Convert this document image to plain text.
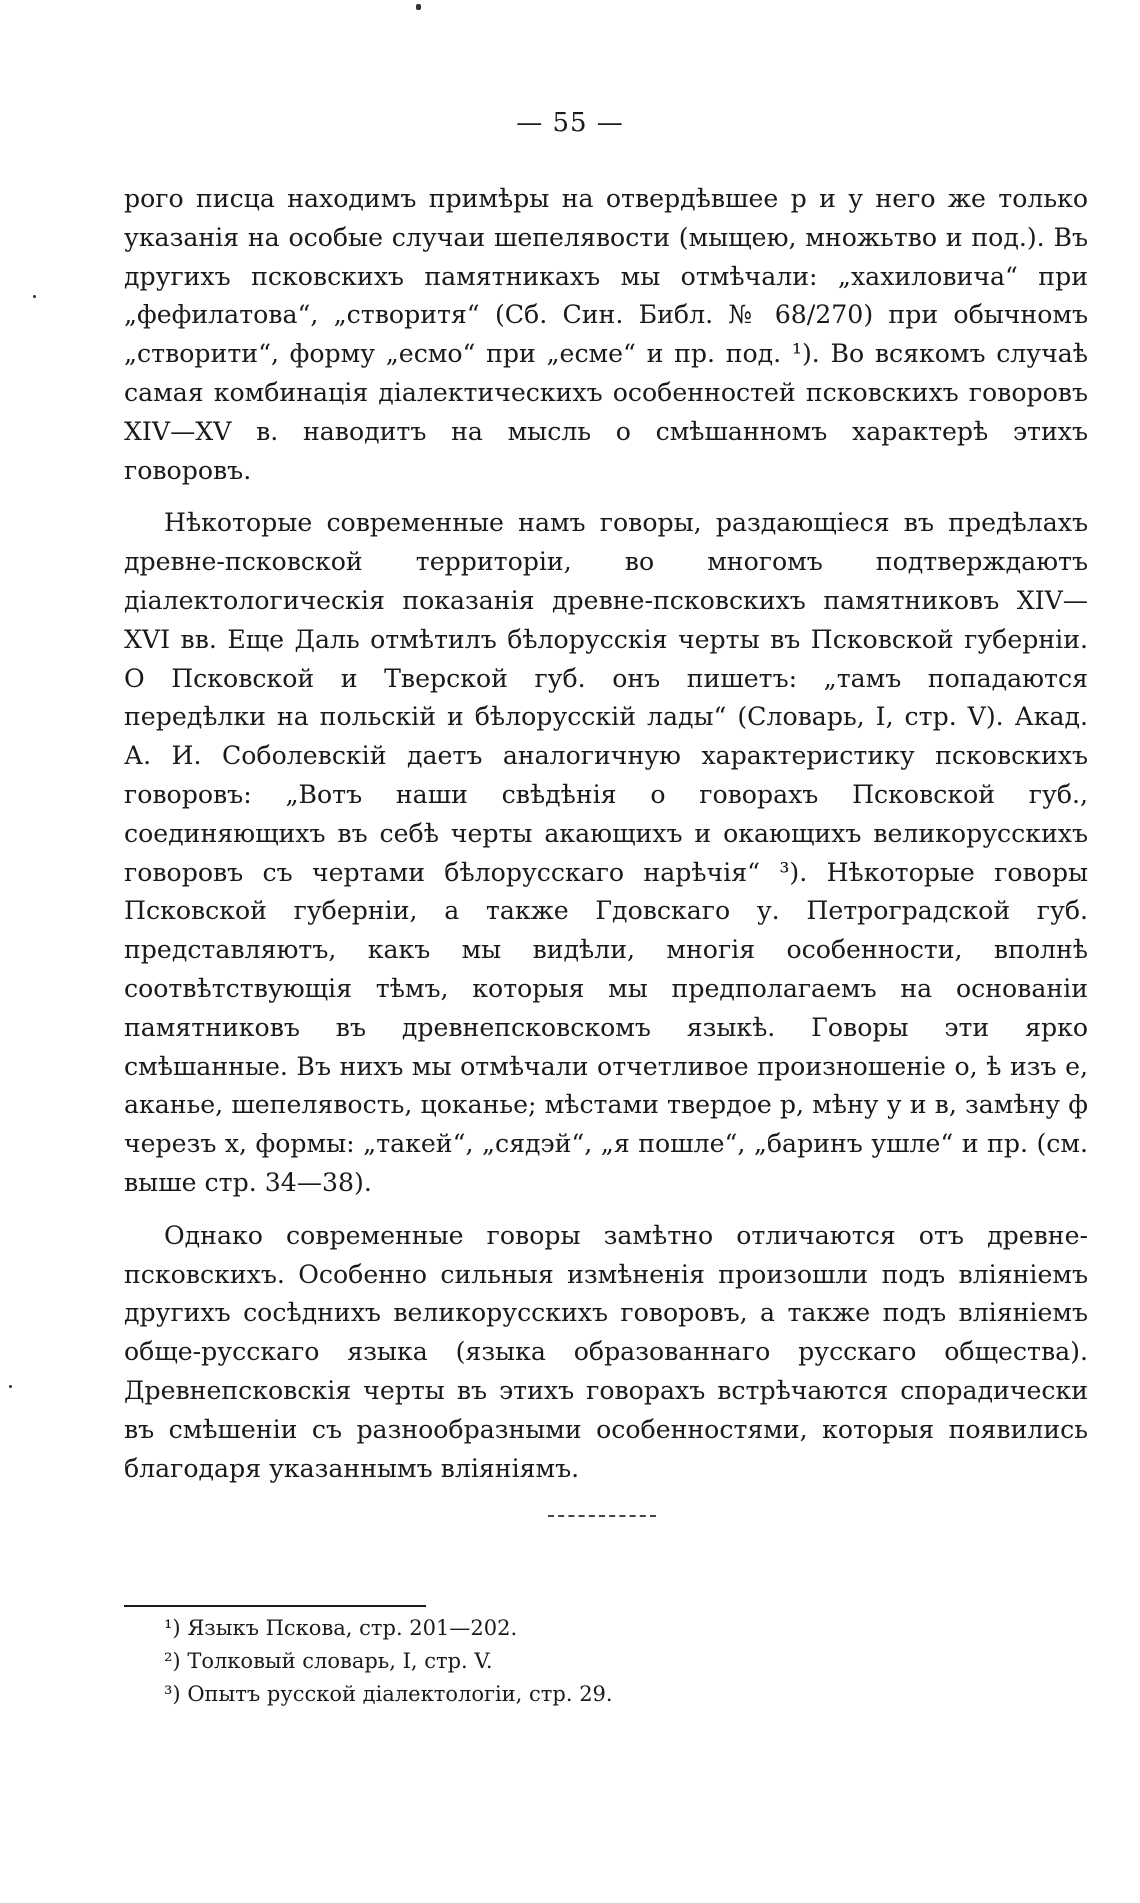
— 55 —

рого писца находимъ примѣры на отвердѣвшее р и у него же только указанія на особые случаи шепелявости (мыщею, множьтво и под.). Въ другихъ псковскихъ памятникахъ мы отмѣчали: „хахиловича“ при „фефилатова“, „створитя“ (Сб. Син. Библ. № 68/270) при обычномъ „створити“, форму „есмо“ при „есме“ и пр. под. ¹). Во всякомъ случаѣ самая комбинація діалектическихъ особенностей псковскихъ говоровъ XIV—XV в. наводитъ на мысль о смѣшанномъ характерѣ этихъ говоровъ.

Нѣкоторые современные намъ говоры, раздающіеся въ предѣлахъ древне-псковской территоріи, во многомъ подтверждаютъ діалектологическія показанія древне-псковскихъ памятниковъ XIV—XVI вв. Еще Даль отмѣтилъ бѣлорусскія черты въ Псковской губерніи. О Псковской и Тверской губ. онъ пишетъ: „тамъ попадаются передѣлки на польскій и бѣлорусскій лады“ (Словарь, I, стр. V). Акад. А. И. Соболевскій даетъ аналогичную характеристику псковскихъ говоровъ: „Вотъ наши свѣдѣнія о говорахъ Псковской губ., соединяющихъ въ себѣ черты акающихъ и окающихъ великорусскихъ говоровъ съ чертами бѣлорусскаго нарѣчія“ ³). Нѣкоторые говоры Псковской губерніи, а также Гдовскаго у. Петроградской губ. представляютъ, какъ мы видѣли, многія особенности, вполнѣ соотвѣтствующія тѣмъ, которыя мы предполагаемъ на основаніи памятниковъ въ древнепсковскомъ языкѣ. Говоры эти ярко смѣшанные. Въ нихъ мы отмѣчали отчетливое произношеніе о, ѣ изъ е, аканье, шепелявость, цоканье; мѣстами твердое р, мѣну у и в, замѣну ф черезъ х, формы: „такей“, „сядэй“, „я пошле“, „баринъ ушле“ и пр. (см. выше стр. 34—38).

Однако современные говоры замѣтно отличаются отъ древне-псковскихъ. Особенно сильныя измѣненія произошли подъ вліяніемъ другихъ сосѣднихъ великорусскихъ говоровъ, а также подъ вліяніемъ обще-русскаго языка (языка образованнаго русскаго общества). Древнепсковскія черты въ этихъ говорахъ встрѣчаются спорадически въ смѣшеніи съ разнообразными особенностями, которыя появились благодаря указаннымъ вліяніямъ.

¹) Языкъ Пскова, стр. 201—202.
²) Толковый словарь, I, стр. V.
³) Опытъ русской діалектологіи, стр. 29.
